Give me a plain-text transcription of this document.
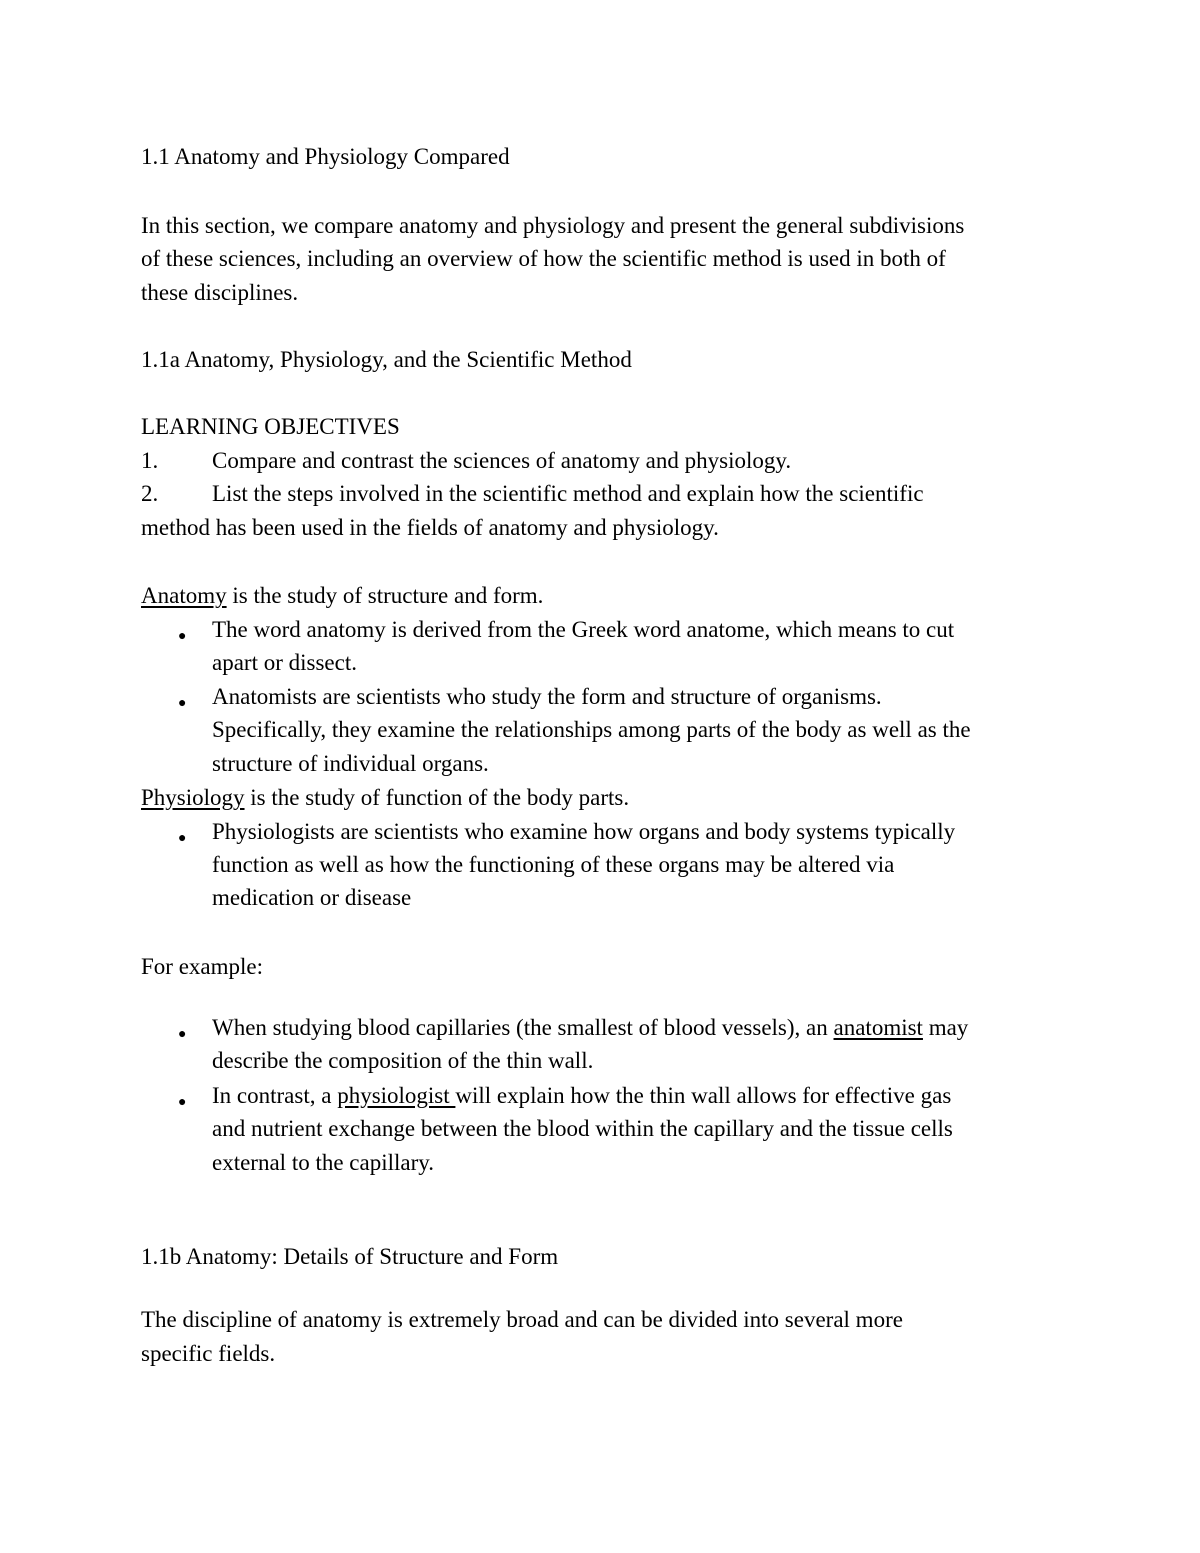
1.1 Anatomy and Physiology Compared
In this section, we compare anatomy and physiology and present the general subdivisions
of these sciences, including an overview of how the scientific method is used in both of
these disciplines.
1.1a Anatomy, Physiology, and the Scientific Method
LEARNING OBJECTIVES
1. Compare and contrast the sciences of anatomy and physiology.
2. List the steps involved in the scientific method and explain how the scientific
method has been used in the fields of anatomy and physiology.
Anatomy is the study of structure and form.
● The word anatomy is derived from the Greek word anatome, which means to cut
apart or dissect.
● Anatomists are scientists who study the form and structure of organisms.
Specifically, they examine the relationships among parts of the body as well as the
structure of individual organs.
Physiology is the study of function of the body parts.
● Physiologists are scientists who examine how organs and body systems typically
function as well as how the functioning of these organs may be altered via
medication or disease
For example:
● When studying blood capillaries (the smallest of blood vessels), an anatomist may
describe the composition of the thin wall.
● In contrast, a physiologist will explain how the thin wall allows for effective gas
and nutrient exchange between the blood within the capillary and the tissue cells
external to the capillary.
1.1b Anatomy: Details of Structure and Form
The discipline of anatomy is extremely broad and can be divided into several more
specific fields.
